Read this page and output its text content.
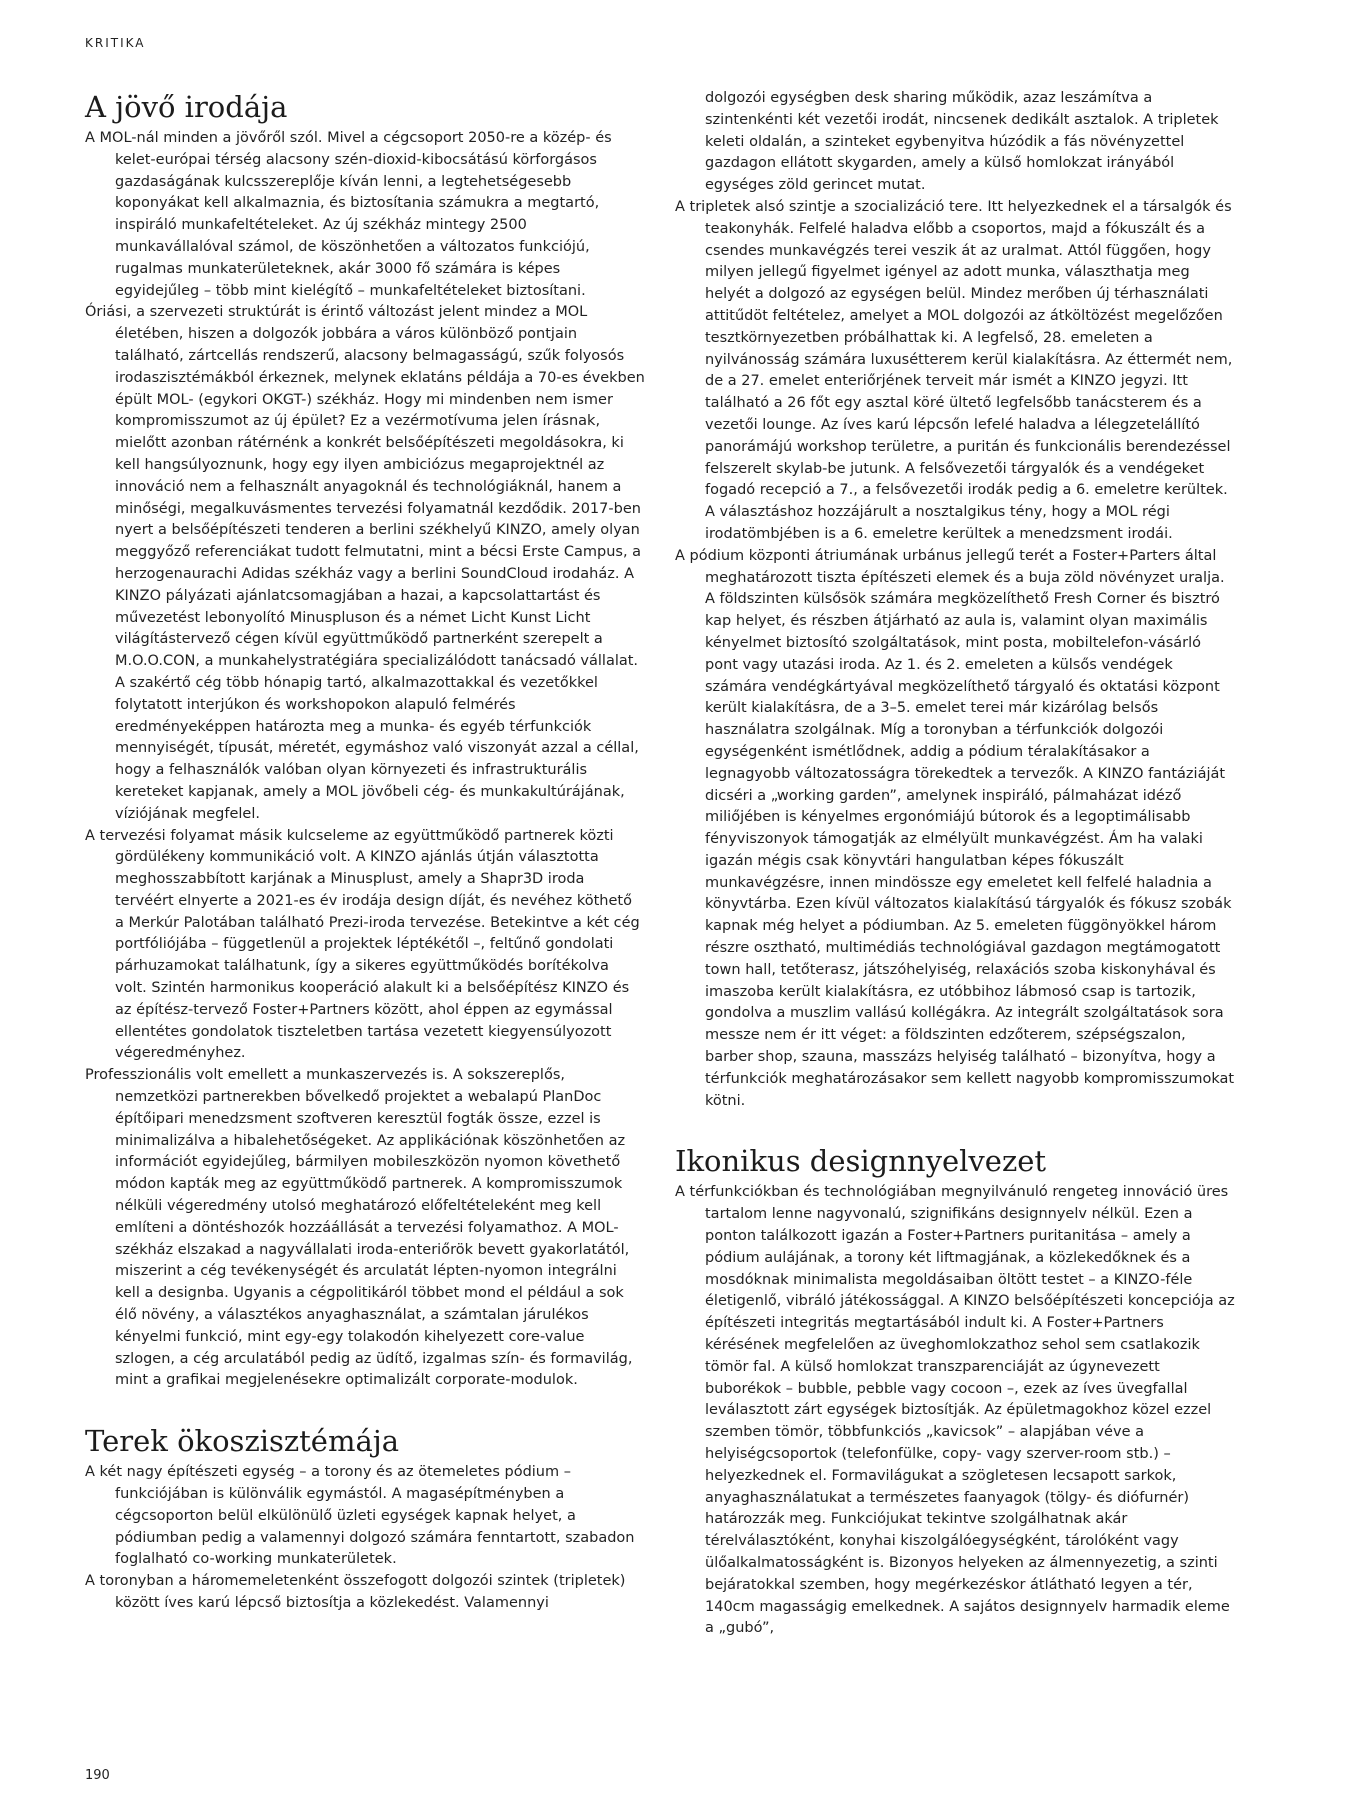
KRITIKA
A jövő irodája

A MOL-nál minden a jövőről szól. Mivel a cégcsoport 2050-re a közép- és kelet-európai térség alacsony szén-dioxid-kibocsátású körforgásos gazdaságának kulcsszereplője kíván lenni, a legtehetségesebb koponyákat kell alkalmaznia, és biztosítania számukra a megtartó, inspiráló munkafeltételeket. Az új székház mintegy 2500 munkavállalóval számol, de köszönhetően a változatos funkciójú, rugalmas munkaterületeknek, akár 3000 fő számára is képes egyidejűleg – több mint kielégítő – munkafeltételeket biztosítani.

Óriási, a szervezeti struktúrát is érintő változást jelent mindez a MOL életében, hiszen a dolgozók jobbára a város különböző pontjain található, zártcellás rendszerű, alacsony belmagasságú, szűk folyosós irodaszisztémákból érkeznek, melynek eklatáns példája a 70-es években épült MOL- (egykori OKGT-) székház. Hogy mi mindenben nem ismer kompromisszumot az új épület? Ez a vezérmotívuma jelen írásnak, mielőtt azonban rátérnénk a konkrét belsőépítészeti megoldásokra, ki kell hangsúlyoznunk, hogy egy ilyen ambiciózus megaprojektnél az innováció nem a felhasznált anyagoknál és technológiáknál, hanem a minőségi, megalkuvásmentes tervezési folyamatnál kezdődik. 2017-ben nyert a belsőépítészeti tenderen a berlini székhelyű KINZO, amely olyan meggyőző referenciákat tudott felmutatni, mint a bécsi Erste Campus, a herzogenaurachi Adidas székház vagy a berlini SoundCloud irodaház. A KINZO pályázati ajánlatcsomagjában a hazai, a kapcsolattartást és művezetést lebonyolító Minuspluson és a német Licht Kunst Licht világítástervező cégen kívül együttműködő partnerként szerepelt a M.O.O.CON, a munkahelystratégiára specializálódott tanácsadó vállalat. A szakértő cég több hónapig tartó, alkalmazottakkal és vezetőkkel folytatott interjúkon és workshopokon alapuló felmérés eredményeképpen határozta meg a munka- és egyéb térfunkciók mennyiségét, típusát, méretét, egymáshoz való viszonyát azzal a céllal, hogy a felhasználók valóban olyan környezeti és infrastrukturális kereteket kapjanak, amely a MOL jövőbeli cég- és munkakultúrájának, víziójának megfelel.

A tervezési folyamat másik kulcseleme az együttműködő partnerek közti gördülékeny kommunikáció volt. A KINZO ajánlás útján választotta meghosszabbított karjának a Minusplust, amely a Shapr3D iroda tervéért elnyerte a 2021-es év irodája design díját, és nevéhez köthető a Merkúr Palotában található Prezi-iroda tervezése. Betekintve a két cég portfóliójába – függetlenül a projektek léptékétől –, feltűnő gondolati párhuzamokat találhatunk, így a sikeres együttműködés borítékolva volt. Szintén harmonikus kooperáció alakult ki a belsőépítész KINZO és az építész-tervező Foster+Partners között, ahol éppen az egymással ellentétes gondolatok tiszteletben tartása vezetett kiegyensúlyozott végeredményhez.

Professzionális volt emellett a munkaszervezés is. A sokszereplős, nemzetközi partnerekben bővelkedő projektet a webalapú PlanDoc építőipari menedzsment szoftveren keresztül fogták össze, ezzel is minimalizálva a hibalehetőségeket. Az applikációnak köszönhetően az információt egyidejűleg, bármilyen mobileszközön nyomon követhető módon kapták meg az együttműködő partnerek. A kompromisszumok nélküli végeredmény utolsó meghatározó előfeltételeként meg kell említeni a döntéshozók hozzáállását a tervezési folyamathoz. A MOL-székház elszakad a nagyvállalati iroda-enteriőrök bevett gyakorlatától, miszerint a cég tevékenységét és arculatát lépten-nyomon integrálni kell a designba. Ugyanis a cégpolitikáról többet mond el például a sok élő növény, a választékos anyaghasználat, a számtalan járulékos kényelmi funkció, mint egy-egy tolakodón kihelyezett core-value szlogen, a cég arculatából pedig az üdítő, izgalmas szín- és formavilág, mint a grafikai megjelenésekre optimalizált corporate-modulok.

Terek ökoszisztémája

A két nagy építészeti egység – a torony és az ötemeletes pódium – funkciójában is különválik egymástól. A magasépítményben a cégcsoporton belül elkülönülő üzleti egységek kapnak helyet, a pódiumban pedig a valamennyi dolgozó számára fenntartott, szabadon foglalható co-working munkaterületek.

A toronyban a háromemeletenként összefogott dolgozói szintek (tripletek) között íves karú lépcső biztosítja a közlekedést. Valamennyi

dolgozói egységben desk sharing működik, azaz leszámítva a szintenkénti két vezetői irodát, nincsenek dedikált asztalok. A tripletek keleti oldalán, a szinteket egybenyitva húzódik a fás növényzettel gazdagon ellátott skygarden, amely a külső homlokzat irányából egységes zöld gerincet mutat.

A tripletek alsó szintje a szocializáció tere. Itt helyezkednek el a társalgók és teakonyhák. Felfelé haladva előbb a csoportos, majd a fókuszált és a csendes munkavégzés terei veszik át az uralmat. Attól függően, hogy milyen jellegű figyelmet igényel az adott munka, választhatja meg helyét a dolgozó az egységen belül. Mindez merőben új térhasználati attitűdöt feltételez, amelyet a MOL dolgozói az átköltözést megelőzően tesztkörnyezetben próbálhattak ki. A legfelső, 28. emeleten a nyilvánosság számára luxusétterem kerül kialakításra. Az éttermét nem, de a 27. emelet enteriőrjének terveit már ismét a KINZO jegyzi. Itt található a 26 főt egy asztal köré ültető legfelsőbb tanácsterem és a vezetői lounge. Az íves karú lépcsőn lefelé haladva a lélegzetelállító panorámájú workshop területre, a puritán és funkcionális berendezéssel felszerelt skylab-be jutunk. A felsővezetői tárgyalók és a vendégeket fogadó recepció a 7., a felsővezetői irodák pedig a 6. emeletre kerültek. A választáshoz hozzájárult a nosztalgikus tény, hogy a MOL régi irodatömbjében is a 6. emeletre kerültek a menedzsment irodái.

A pódium központi átriumának urbánus jellegű terét a Foster+Parters által meghatározott tiszta építészeti elemek és a buja zöld növényzet uralja. A földszinten külsősök számára megközelíthető Fresh Corner és bisztró kap helyet, és részben átjárható az aula is, valamint olyan maximális kényelmet biztosító szolgáltatások, mint posta, mobiltelefon-vásárló pont vagy utazási iroda. Az 1. és 2. emeleten a külsős vendégek számára vendégkártyával megközelíthető tárgyaló és oktatási központ került kialakításra, de a 3–5. emelet terei már kizárólag belsős használatra szolgálnak. Míg a toronyban a térfunkciók dolgozói egységenként ismétlődnek, addig a pódium téralakításakor a legnagyobb változatosságra törekedtek a tervezők. A KINZO fantáziáját dicséri a „working garden”, amelynek inspiráló, pálmaházat idéző miliőjében is kényelmes ergonómiájú bútorok és a legoptimálisabb fényviszonyok támogatják az elmélyült munkavégzést. Ám ha valaki igazán mégis csak könyvtári hangulatban képes fókuszált munkavégzésre, innen mindössze egy emeletet kell felfelé haladnia a könyvtárba. Ezen kívül változatos kialakítású tárgyalók és fókusz szobák kapnak még helyet a pódiumban. Az 5. emeleten függönyökkel három részre osztható, multimédiás technológiával gazdagon megtámogatott town hall, tetőterasz, játszóhelyiség, relaxációs szoba kiskonyhával és imaszoba került kialakításra, ez utóbbihoz lábmosó csap is tartozik, gondolva a muszlim vallású kollégákra. Az integrált szolgáltatások sora messze nem ér itt véget: a földszinten edzőterem, szépségszalon, barber shop, szauna, masszázs helyiség található – bizonyítva, hogy a térfunkciók meghatározásakor sem kellett nagyobb kompromisszumokat kötni.

Ikonikus designnyelvezet

A térfunkciókban és technológiában megnyilvánuló rengeteg innováció üres tartalom lenne nagyvonalú, szignifikáns designnyelv nélkül. Ezen a ponton találkozott igazán a Foster+Partners puritanitása – amely a pódium aulájának, a torony két liftmagjának, a közlekedőknek és a mosdóknak minimalista megoldásaiban öltött testet – a KINZO-féle életigenlő, vibráló játékossággal. A KINZO belsőépítészeti koncepciója az építészeti integritás megtartásából indult ki. A Foster+Partners kérésének megfelelően az üveghomlokzathoz sehol sem csatlakozik tömör fal. A külső homlokzat transzparenciáját az úgynevezett buborékok – bubble, pebble vagy cocoon –, ezek az íves üvegfallal leválasztott zárt egységek biztosítják. Az épületmagokhoz közel ezzel szemben tömör, többfunkciós „kavicsok” – alapjában véve a helyiségcsoportok (telefonfülke, copy- vagy szerver-room stb.) – helyezkednek el. Formavilágukat a szögletesen lecsapott sarkok, anyaghasználatukat a természetes faanyagok (tölgy- és diófurnér) határozzák meg. Funkciójukat tekintve szolgálhatnak akár térelválasztóként, konyhai kiszolgálóegységként, tárolóként vagy ülőalkalmatosságként is. Bizonyos helyeken az álmennyezetig, a szinti bejáratokkal szemben, hogy megérkezéskor átlátható legyen a tér, 140cm magasságig emelkednek. A sajátos designnyelv harmadik eleme a „gubó”,

190
